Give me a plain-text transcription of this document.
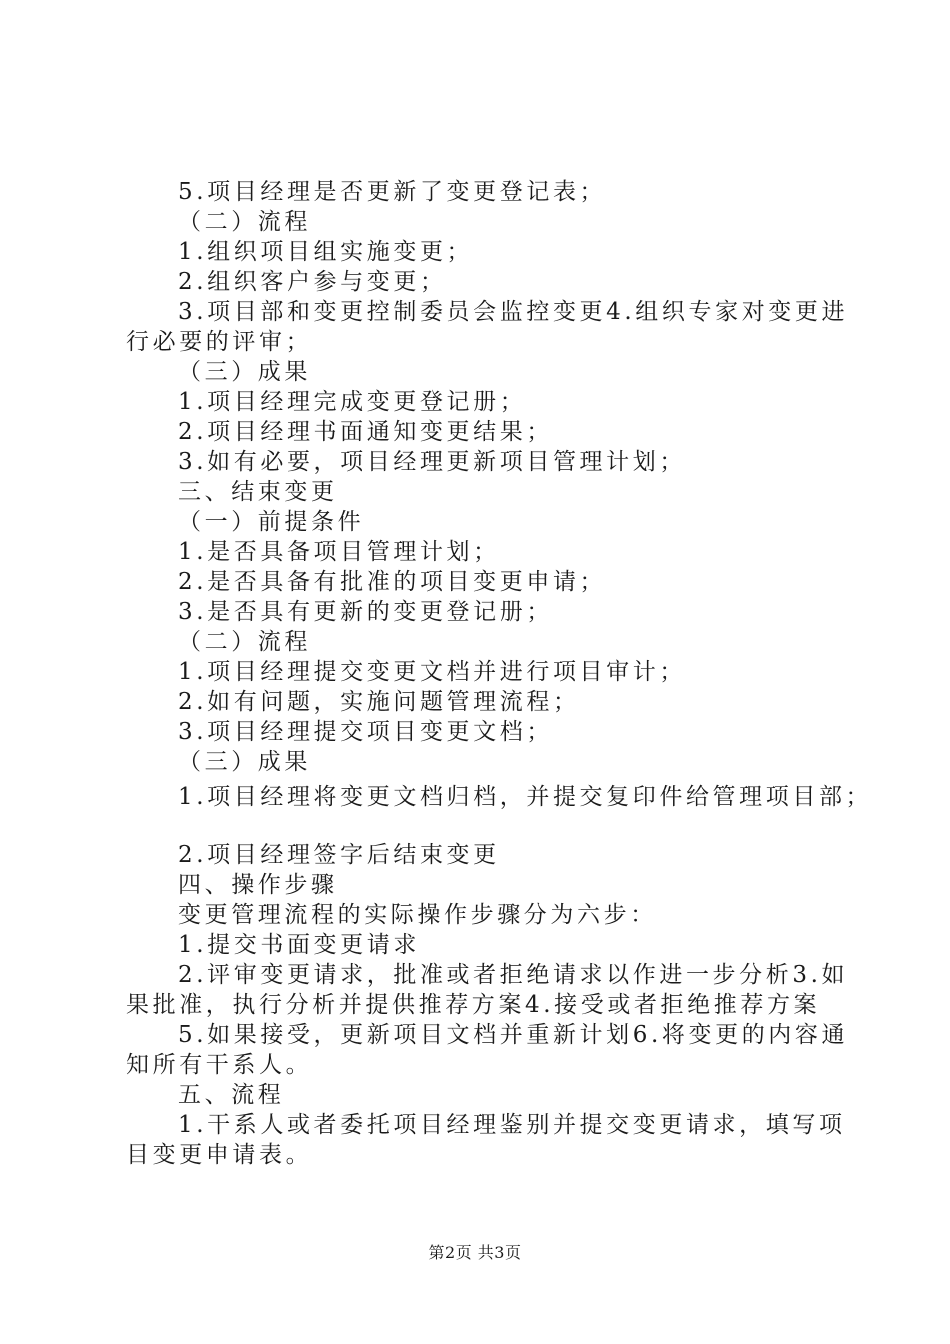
5.项目经理是否更新了变更登记表；
（二）流程
1.组织项目组实施变更；
2.组织客户参与变更；
3.项目部和变更控制委员会监控变更4.组织专家对变更进
行必要的评审；
（三）成果
1.项目经理完成变更登记册；
2.项目经理书面通知变更结果；
3.如有必要，项目经理更新项目管理计划；
三、结束变更
（一）前提条件
1.是否具备项目管理计划；
2.是否具备有批准的项目变更申请；
3.是否具有更新的变更登记册；
（二）流程
1.项目经理提交变更文档并进行项目审计；
2.如有问题，实施问题管理流程；
3.项目经理提交项目变更文档；
（三）成果
1.项目经理将变更文档归档，并提交复印件给管理项目部；
2.项目经理签字后结束变更
四、操作步骤
变更管理流程的实际操作步骤分为六步：
1.提交书面变更请求
2.评审变更请求，批准或者拒绝请求以作进一步分析3.如
果批准，执行分析并提供推荐方案4.接受或者拒绝推荐方案
5.如果接受，更新项目文档并重新计划6.将变更的内容通
知所有干系人。
五、流程
1.干系人或者委托项目经理鉴别并提交变更请求，填写项
目变更申请表。
第2页 共3页
